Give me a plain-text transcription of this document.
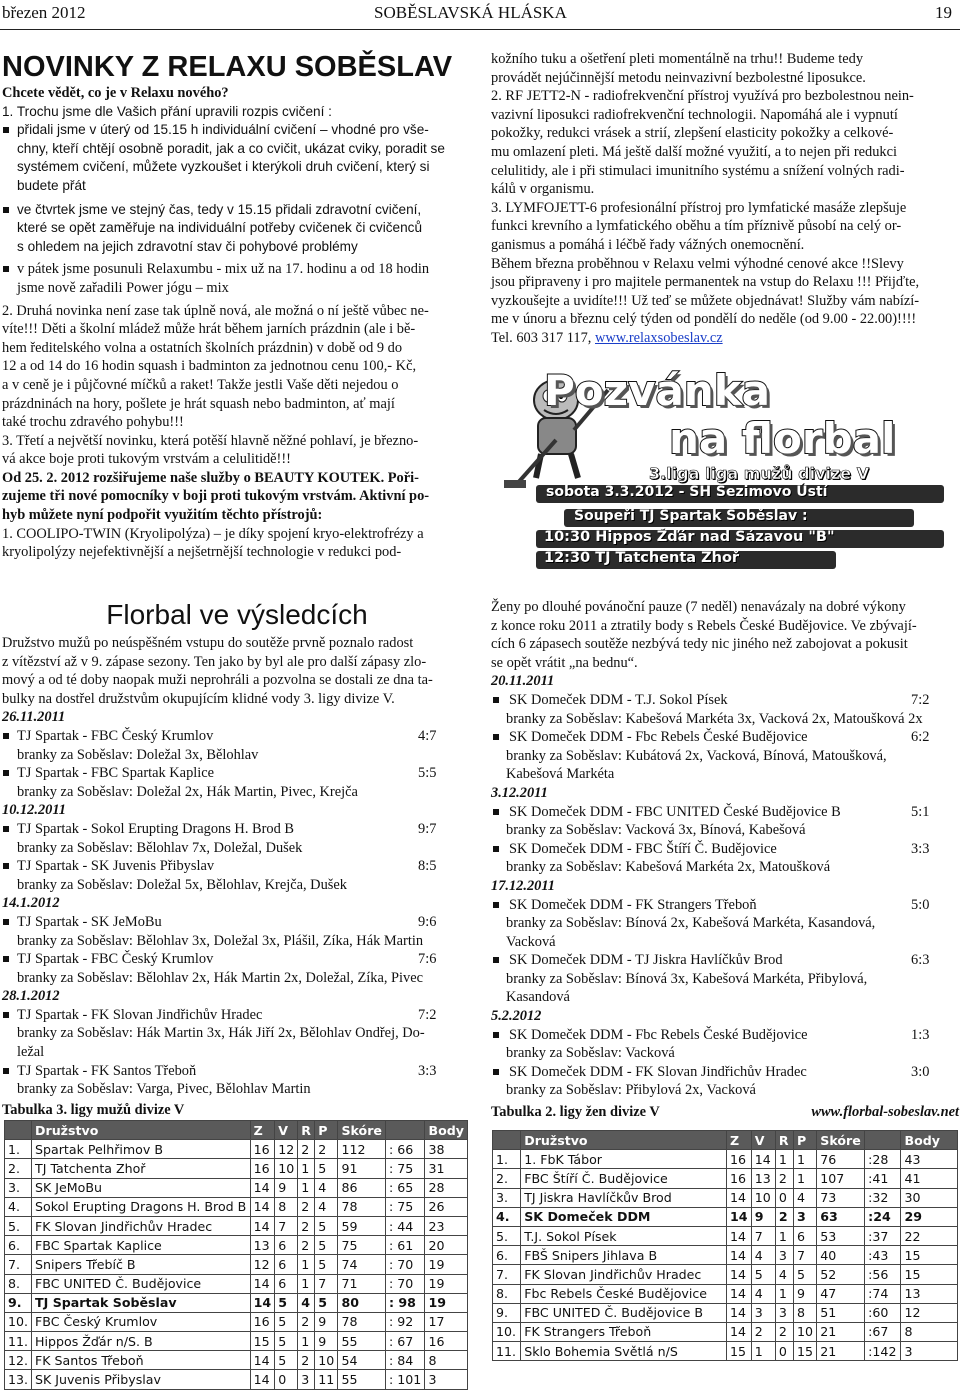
březen 2012	SOBĚSLAVSKÁ HLÁSKA	19
NOVINKY Z RELAXU SOBĚSLAV

Chcete vědět, co je v Relaxu nového?

1. Trochu jsme dle Vašich přání upravili rozpis cvičení :

přidali jsme v úterý od 15.15 h individuální cvičení – vhodné pro vše-

chny, kteří chtějí osobně poradit, jak a co cvičit, ukázat cviky, poradit se

systémem cvičení, můžete vyzkoušet i kterýkoli druh cvičení, který si

budete přát

ve čtvrtek jsme ve stejný čas, tedy v 15.15 přidali zdravotní cvičení,

které se opět zaměřuje na individuální potřeby cvičenek či cvičenců

s ohledem na jejich zdravotní stav či pohybové problémy

v pátek jsme posunuli Relaxumbu - mix už na 17. hodinu a od 18 hodin

jsme nově zařadili Power jógu – mix

2. Druhá novinka není zase tak úplně nová, ale možná o ní ještě vůbec ne-

víte!!! Děti a školní mládež může hrát během jarních prázdnin (ale i bě-

hem ředitelského volna a ostatních školních prázdnin) v době od 9 do

12 a od 14 do 16 hodin squash i badminton za jednotnou cenu 100,- Kč,

a v ceně je i půjčovné míčků a raket! Takže jestli Vaše děti nejedou o

prázdninách na hory, pošlete je hrát squash nebo badminton, ať mají

také trochu zdravého pohybu!!!

3. Třetí a největší novinku, která potěší hlavně něžné pohlaví, je březno-

vá akce boje proti tukovým vrstvám a celulitidě!!!

Od 25. 2. 2012 rozšiřujeme naše služby o BEAUTY KOUTEK. Poři-

zujeme tři nové pomocníky v boji proti tukovým vrstvám. Aktivní po-

hyb můžete nyní podpořit využitím těchto přístrojů:

1. COOLIPO-TWIN (Kryolipolýza) – je díky spojení kryo-elektrofrézy a

kryolipolýzy nejefektivnější a nejšetrnější technologie v redukci pod-

kožního tuku a ošetření pleti momentálně na trhu!! Budeme tedy

provádět nejúčinnější metodu neinvazivní bezbolestné liposukce.

2. RF JETT2-N - radiofrekvenční přístroj využívá pro bezbolestnou nein-

vazivní liposukci radiofrekvenční technologii. Napomáhá ale i vypnutí

pokožky, redukci vrásek a strií, zlepšení elasticity pokožky a celkové-

mu omlazení pleti. Má ještě další možné využití, a to nejen při redukci

celulitidy, ale i při stimulaci imunitního systému a snížení volných radi-

kálů v organismu.

3. LYMFOJETT-6 profesionální přístroj pro lymfatické masáže zlepšuje

funkci krevního a lymfatického oběhu a tím příznivě působí na celý or-

ganismus a pomáhá i léčbě řady vážných onemocnění.

Během března proběhnou v Relaxu velmi výhodné cenové akce !!Slevy

jsou připraveny i pro majitele permanentek na vstup do Relaxu !!! Přijďte,

vyzkoušejte a uvidíte!!! Už teď se můžete objednávat! Služby vám nabízí-

me v únoru a březnu celý týden od pondělí do neděle (od 9.00 - 22.00)!!!!

Tel. 603 317 117, www.relaxsobeslav.cz

Pozvánka
na florbal
3.liga liga mužů divize V
sobota 3.3.2012 - SH Sezimovo Ústí
Soupeři TJ Spartak Soběslav :
10:30 Hippos Žďár nad Sázavou "B"
12:30 TJ Tatchenta Zhoř
Florbal ve výsledcích

Družstvo mužů po neúspěšném vstupu do soutěže prvně poznalo radost

z vítězství až v 9. zápase sezony. Ten jako by byl ale pro další zápasy zlo-

mový a od té doby naopak muži neprohráli a pozvolna se dostali ze dna ta-

bulky na dostřel družstvům okupujícím klidné vody 3. ligy divize V.

26.11.2011

TJ Spartak - FBC Český Krumlov	4:7

branky za Soběslav: Doležal 3x, Bělohlav

TJ Spartak - FBC Spartak Kaplice	5:5

branky za Soběslav: Doležal 2x, Hák Martin, Pivec, Krejča

10.12.2011

TJ Spartak - Sokol Erupting Dragons H. Brod B	9:7

branky za Soběslav: Bělohlav 7x, Doležal, Dušek

TJ Spartak - SK Juvenis Přibyslav	8:5

branky za Soběslav: Doležal 5x, Bělohlav, Krejča, Dušek

14.1.2012

TJ Spartak - SK JeMoBu	9:6

branky za Soběslav: Bělohlav 3x, Doležal 3x, Plášil, Zíka, Hák Martin

TJ Spartak - FBC Český Krumlov	7:6

branky za Soběslav: Bělohlav 2x, Hák Martin 2x, Doležal, Zíka, Pivec

28.1.2012

TJ Spartak - FK Slovan Jindřichův Hradec	7:2

branky za Soběslav: Hák Martin 3x, Hák Jiří 2x, Bělohlav Ondřej, Do-

ležal

TJ Spartak - FK Santos Třeboň	3:3

branky za Soběslav: Varga, Pivec, Bělohlav Martin

Tabulka 3. ligy mužů divize V

Ženy po dlouhé povánoční pauze (7 neděl) nenavázaly na dobré výkony

z konce roku 2011 a ztratily body s Rebels České Budějovice. Ve zbývají-

cích 6 zápasech soutěže nezbývá tedy nic jiného než zabojovat a pokusit

se opět vrátit „na bednu“.

20.11.2011

SK Domeček DDM - T.J. Sokol Písek	7:2

branky za Soběslav: Kabešová Markéta 3x, Vacková 2x, Matoušková 2x

SK Domeček DDM - Fbc Rebels České Budějovice	6:2

branky za Soběslav: Kubátová 2x, Vacková, Bínová, Matoušková,

Kabešová Markéta

3.12.2011

SK Domeček DDM - FBC UNITED České Budějovice B	5:1

branky za Soběslav: Vacková 3x, Bínová, Kabešová

SK Domeček DDM - FBC Štíří Č. Budějovice	3:3

branky za Soběslav: Kabešová Markéta 2x, Matoušková

17.12.2011

SK Domeček DDM - FK Strangers Třeboň	5:0

branky za Soběslav: Bínová 2x, Kabešová Markéta, Kasandová,

Vacková

SK Domeček DDM - TJ Jiskra Havlíčkův Brod	6:3

branky za Soběslav: Bínová 3x, Kabešová Markéta, Přibylová,

Kasandová

5.2.2012

SK Domeček DDM - Fbc Rebels České Budějovice	1:3

branky za Soběslav: Vacková

SK Domeček DDM - FK Slovan Jindřichův Hradec	3:0

branky za Soběslav: Přibylová 2x, Vacková

Tabulka 2. ligy žen divize V	www.florbal-sobeslav.net

	Družstvo	Z	V	R	P	Skóre		Body
1.	Spartak Pelhřimov B	16	12	2	2	112	: 66	38
2.	TJ Tatchenta Zhoř	16	10	1	5	91	: 75	31
3.	SK JeMoBu	14	9	1	4	86	: 65	28
4.	Sokol Erupting Dragons H. Brod B	14	8	2	4	78	: 75	26
5.	FK Slovan Jindřichův Hradec	14	7	2	5	59	: 44	23
6.	FBC Spartak Kaplice	13	6	2	5	75	: 61	20
7.	Snipers Třebíč B	12	6	1	5	74	: 70	19
8.	FBC UNITED Č. Budějovice	14	6	1	7	71	: 70	19
9.	TJ Spartak Soběslav	14	5	4	5	80	: 98	19
10.	FBC Český Krumlov	16	5	2	9	78	: 92	17
11.	Hippos Žďár n/S. B	15	5	1	9	55	: 67	16
12.	FK Santos Třeboň	14	5	2	10	54	: 84	8
13.	SK Juvenis Přibyslav	14	0	3	11	55	: 101	3
	Družstvo	Z	V	R	P	Skóre		Body
1.	1. FbK Tábor	16	14	1	1	76	:28	43
2.	FBC Štíří Č. Budějovice	16	13	2	1	107	:41	41
3.	TJ Jiskra Havlíčkův Brod	14	10	0	4	73	:32	30
4.	SK Domeček DDM	14	9	2	3	63	:24	29
5.	T.J. Sokol Písek	14	7	1	6	53	:37	22
6.	FBŠ Snipers Jihlava B	14	4	3	7	40	:43	15
7.	FK Slovan Jindřichův Hradec	14	5	4	5	52	:56	15
8.	Fbc Rebels České Budějovice	14	4	1	9	47	:74	13
9.	FBC UNITED Č. Budějovice B	14	3	3	8	51	:60	12
10.	FK Strangers Třeboň	14	2	2	10	21	:67	8
11.	Sklo Bohemia Světlá n/S	15	1	0	15	21	:142	3
